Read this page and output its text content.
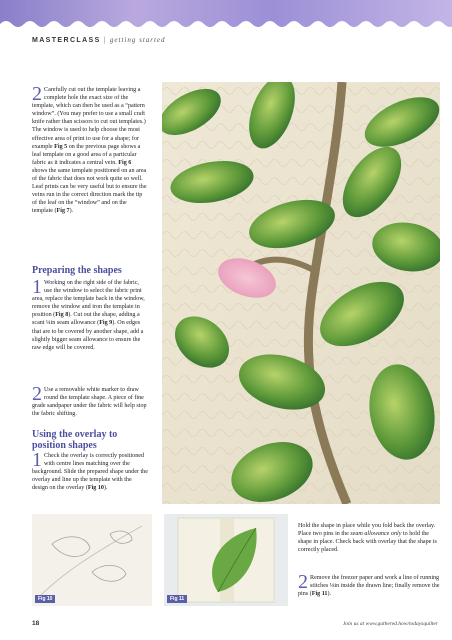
MASTERCLASS | getting started

2 Carefully cut out the template leaving a complete hole the exact size of the template, which can then be used as a “pattern window”. (You may prefer to use a small craft knife rather than scissors to cut out templates.) The window is used to help choose the most effective area of print to use for a shape; for example Fig 5 on the previous page shows a leaf template on a good area of a particular fabric as it indicates a central vein. Fig 6 shows the same template positioned on an area of the fabric that does not work quite so well. Leaf prints can be very useful but to ensure the veins run in the correct direction mark the tip of the leaf on the “window” and on the template (Fig 7).

Preparing the shapes

1 Working on the right side of the fabric, use the window to select the fabric print area, replace the template back in the window, remove the window and iron the template in position (Fig 8). Cut out the shape, adding a scant ¼in seam allowance (Fig 9). On edges that are to be covered by another shape, add a slightly bigger seam allowance to ensure the raw edge will be covered.

2 Use a removable white marker to draw round the template shape. A piece of fine grade sandpaper under the fabric will help stop the fabric shifting.

Using the overlay to position shapes

1 Check the overlay is correctly positioned with centre lines matching over the background. Slide the prepared shape under the overlay and line up the template with the design on the overlay (Fig 10).

Fig 10	Fig 11

Hold the shape in place while you fold back the overlay. Place two pins in the seam allowance only to hold the shape in place. Check back with overlay that the shape is correctly placed.

2 Remove the freezer paper and work a line of running stitches ⅛in inside the drawn line; finally remove the pins (Fig 11).

18	Join us at www.gathered.how/todaysquilter
